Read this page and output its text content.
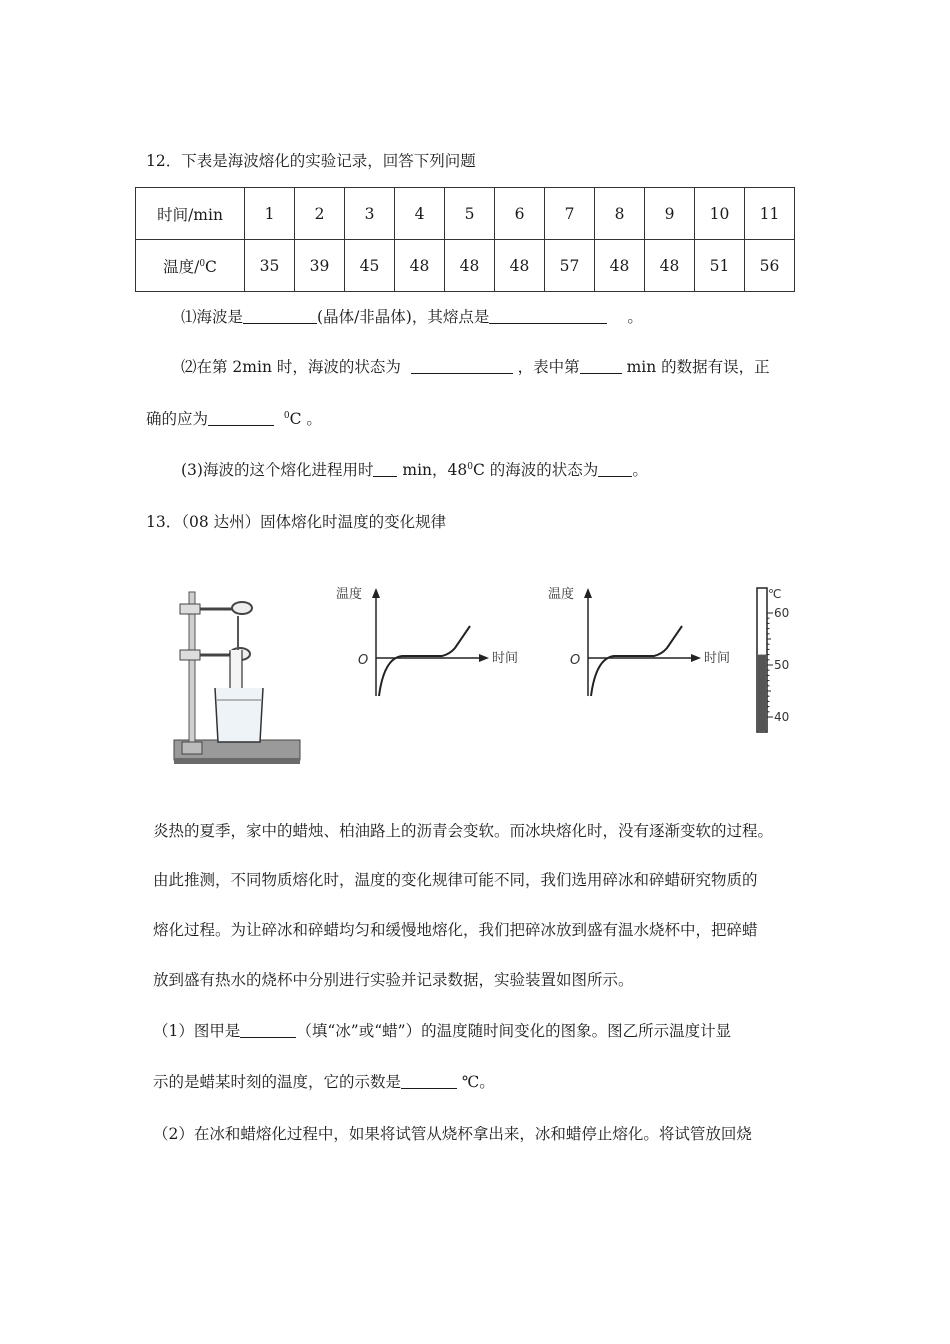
12．下表是海波熔化的实验记录，回答下列问题
时间/min	1	2	3	4	5	6	7	8	9	10	11
温度/$^0$C	35	39	45	48	48	48	57	48	48	51	56
⑴海波是	(晶体/非晶体)，其熔点是	。
⑵在第 2min 时，海波的状态为	，表中第	min 的数据有误，正
确的应为	$^0$C 。
(3)海波的这个熔化进程用时 min，$48^0C$ 的海波的状态为 。
13．（08 达州）固体熔化时温度的变化规律
温度
O	时间
温度
O	时间
℃
60
50
40
炎热的夏季，家中的蜡烛、柏油路上的沥青会变软。而冰块熔化时，没有逐渐变软的过程。
由此推测，不同物质熔化时，温度的变化规律可能不同，我们选用碎冰和碎蜡研究物质的
熔化过程。为让碎冰和碎蜡均匀和缓慢地熔化，我们把碎冰放到盛有温水烧杯中，把碎蜡
放到盛有热水的烧杯中分别进行实验并记录数据，实验装置如图所示。
（1）图甲是	（填“冰”或“蜡”）的温度随时间变化的图象。图乙所示温度计显
示的是蜡某时刻的温度，它的示数是	℃。
（2）在冰和蜡熔化过程中，如果将试管从烧杯拿出来，冰和蜡停止熔化。将试管放回烧
